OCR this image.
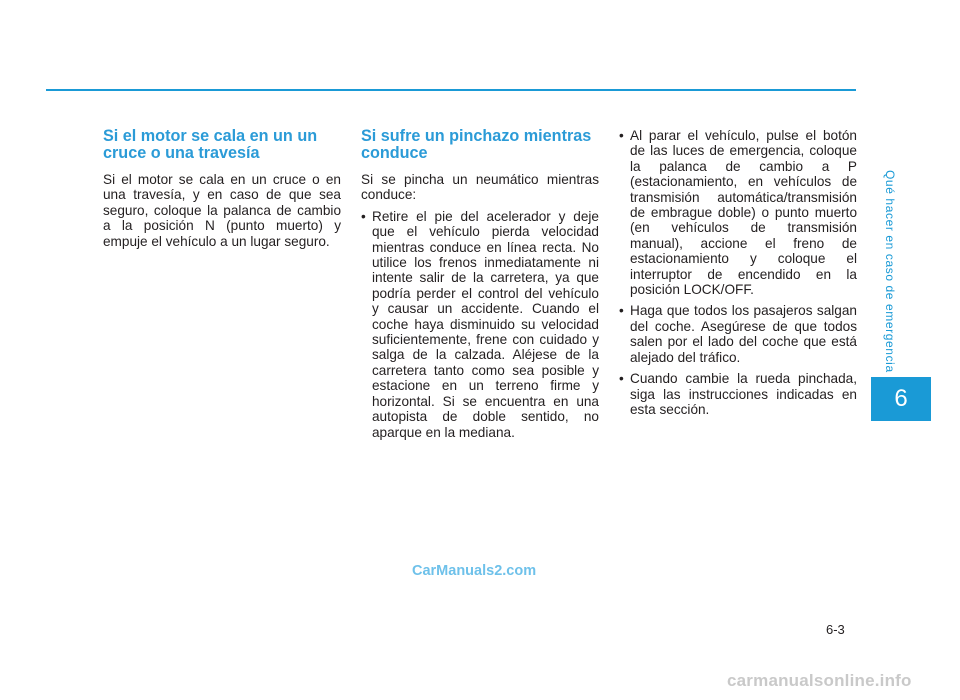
Si el motor se cala en un un cruce o una travesía

Si el motor se cala en un cruce o en una travesía, y en caso de que sea seguro, coloque la palanca de cambio a la posición N (punto muerto) y empuje el vehículo a un lugar seguro.

Si sufre un pinchazo mientras conduce

Si se pincha un neumático mientras conduce:

• Retire el pie del acelerador y deje que el vehículo pierda velocidad mientras conduce en línea recta. No utilice los frenos inmediatamente ni intente salir de la carretera, ya que podría perder el control del vehículo y causar un accidente. Cuando el coche haya disminuido su velocidad suficientemente, frene con cuidado y salga de la calzada. Aléjese de la carretera tanto como sea posible y estacione en un terreno firme y horizontal. Si se encuentra en una autopista de doble sentido, no aparque en la mediana.
• Al parar el vehículo, pulse el botón de las luces de emergencia, coloque la palanca de cambio a P (estacionamiento, en vehículos de transmisión automática/transmisión de embrague doble) o punto muerto (en vehículos de transmisión manual), accione el freno de estacionamiento y coloque el interruptor de encendido en la posición LOCK/OFF.
• Haga que todos los pasajeros salgan del coche. Asegúrese de que todos salen por el lado del coche que está alejado del tráfico.
• Cuando cambie la rueda pinchada, siga las instrucciones indicadas en esta sección.
Qué hacer en caso de emergencia
6
CarManuals2.com
6-3
carmanualsonline.info
